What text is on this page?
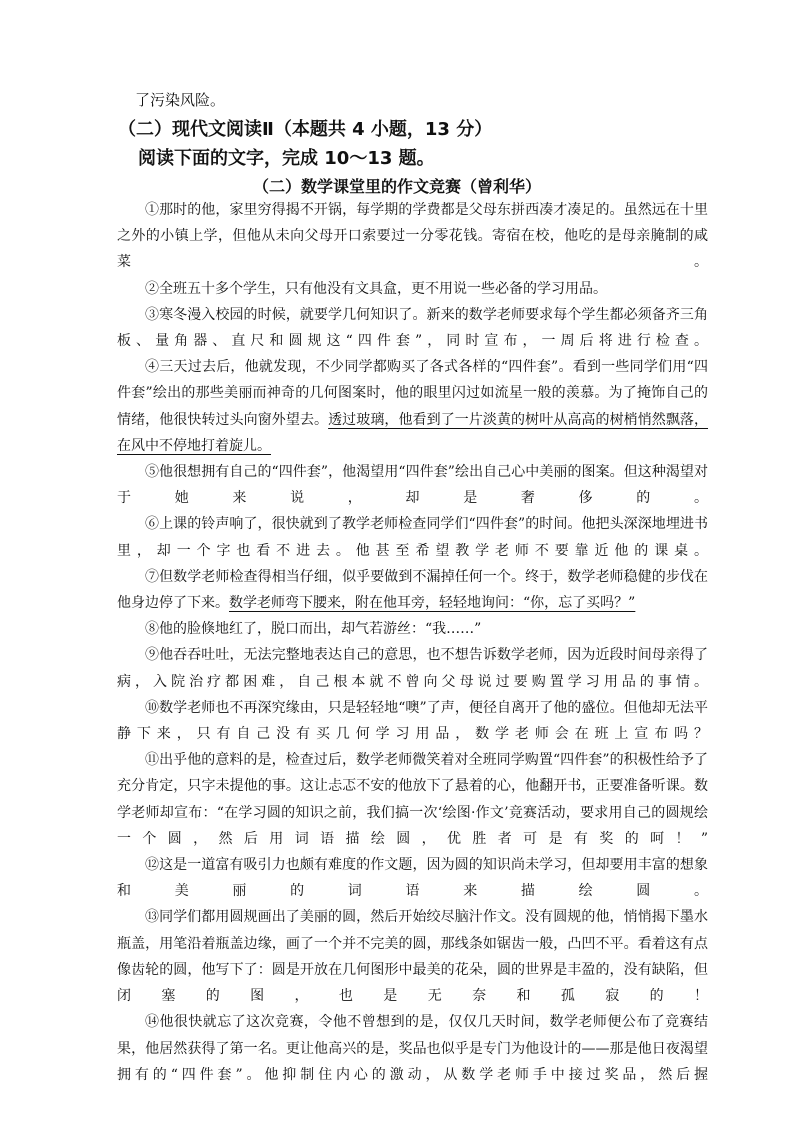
了污染风险。
（二）现代文阅读Ⅱ（本题共 4 小题，13 分）
阅读下面的文字，完成 10～13 题。
（二）数学课堂里的作文竞赛（曾利华）

①那时的他，家里穷得揭不开锅，每学期的学费都是父母东拼西凑才凑足的。虽然远在十里之外的小镇上学，但他从未向父母开口索要过一分零花钱。寄宿在校，他吃的是母亲腌制的咸菜。

②全班五十多个学生，只有他没有文具盒，更不用说一些必备的学习用品。

③寒冬漫入校园的时候，就要学几何知识了。新来的数学老师要求每个学生都必须备齐三角板、量角器、直尺和圆规这“四件套”，同时宣布，一周后将进行检查。

④三天过去后，他就发现，不少同学都购买了各式各样的“四件套”。看到一些同学们用“四件套”绘出的那些美丽而神奇的几何图案时，他的眼里闪过如流星一般的羡慕。为了掩饰自己的情绪，他很快转过头向窗外望去。透过玻璃，他看到了一片淡黄的树叶从高高的树梢悄然飘落，在风中不停地打着旋儿。

⑤他很想拥有自己的“四件套”，他渴望用“四件套”绘出自己心中美丽的图案。但这种渴望对于她来说，却是奢侈的。

⑥上课的铃声响了，很快就到了教学老师检查同学们“四件套”的时间。他把头深深地埋进书里，却一个字也看不进去。他甚至希望教学老师不要靠近他的课桌。

⑦但数学老师检查得相当仔细，似乎要做到不漏掉任何一个。终于，数学老师稳健的步伐在他身边停了下来。数学老师弯下腰来，附在他耳旁，轻轻地询问：“你，忘了买吗？”

⑧他的脸倏地红了，脱口而出，却气若游丝：“我……”

⑨他吞吞吐吐，无法完整地表达自己的意思，也不想告诉数学老师，因为近段时间母亲得了病，入院治疗都困难，自己根本就不曾向父母说过要购置学习用品的事情。

⑩数学老师也不再深究缘由，只是轻轻地“噢”了声，便径自离开了他的盛位。但他却无法平静下来，只有自己没有买几何学习用品，数学老师会在班上宣布吗？

⑪出乎他的意料的是，检查过后，数学老师微笑着对全班同学购置“四件套”的积极性给予了充分肯定，只字未提他的事。这让忐忑不安的他放下了悬着的心，他翻开书，正要准备听课。数学老师却宣布：“在学习圆的知识之前，我们搞一次‘绘图·作文’竞赛活动，要求用自己的圆规绘一个圆，然后用词语描绘圆，优胜者可是有奖的呵！”

⑫这是一道富有吸引力也颇有难度的作文题，因为圆的知识尚未学习，但却要用丰富的想象和美丽的词语来描绘圆。

⑬同学们都用圆规画出了美丽的圆，然后开始绞尽脑汁作文。没有圆规的他，悄悄揭下墨水瓶盖，用笔沿着瓶盖边缘，画了一个并不完美的圆，那线条如锯齿一般，凸凹不平。看着这有点像齿轮的圆，他写下了：圆是开放在几何图形中最美的花朵，圆的世界是丰盈的，没有缺陷，但闭塞的图，也是无奈和孤寂的！

⑭他很快就忘了这次竞赛，令他不曾想到的是，仅仅几天时间，数学老师便公布了竞赛结果，他居然获得了第一名。更让他高兴的是，奖品也似乎是专门为他设计的——那是他日夜渴望拥有的“四件套”。他抑制住内心的激动，从数学老师手中接过奖品，然后握
